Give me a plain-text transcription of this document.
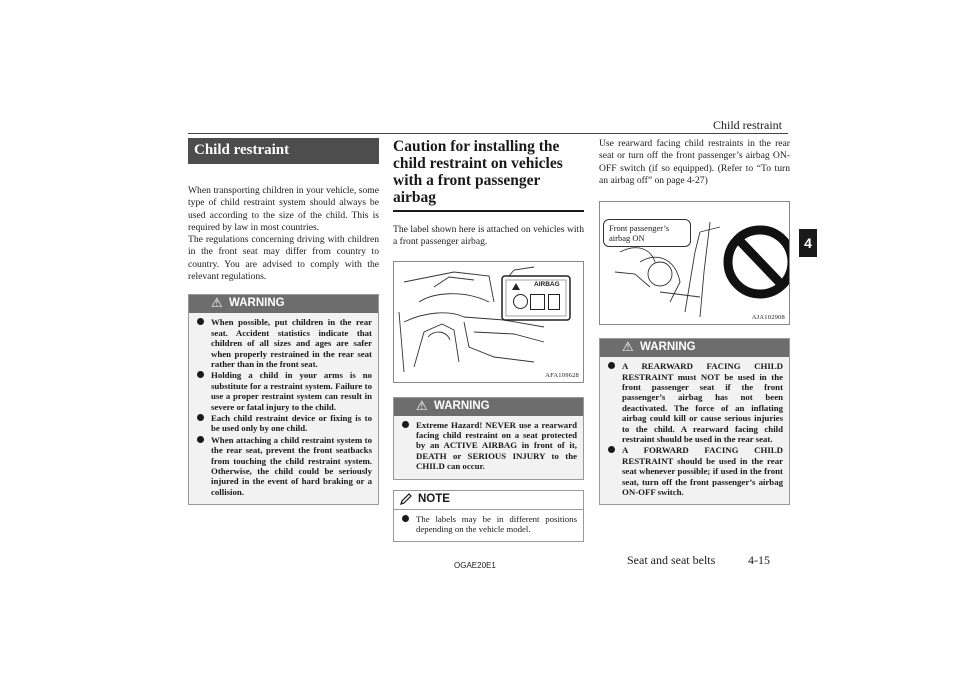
Child restraint
4
Child restraint

When transporting children in your vehicle, some type of child restraint system should always be used according to the size of the child. This is required by law in most countries.

The regulations concerning driving with children in the front seat may differ from country to country. You are advised to comply with the relevant regulations.

⚠ WARNING
When possible, put children in the rear seat. Accident statistics indicate that children of all sizes and ages are safer when properly restrained in the rear seat rather than in the front seat.
Holding a child in your arms is no substitute for a restraint system. Failure to use a proper restraint system can result in severe or fatal injury to the child.
Each child restraint device or fixing is to be used only by one child.
When attaching a child restraint system to the rear seat, prevent the front seatbacks from touching the child restraint system. Otherwise, the child could be seriously injured in the event of hard braking or a collision.
Caution for installing the child restraint on vehicles with a front passenger airbag

The label shown here is attached on vehicles with a front passenger airbag.

AIRBAG
AFA109628
⚠ WARNING
Extreme Hazard! NEVER use a rearward facing child restraint on a seat protected by an ACTIVE AIRBAG in front of it, DEATH or SERIOUS INJURY to the CHILD can occur.
NOTE
The labels may be in different positions depending on the vehicle model.

Use rearward facing child restraints in the rear seat or turn off the front passenger’s airbag ON-OFF switch (if so equipped). (Refer to “To turn an airbag off” on page 4-27)

Front passenger’s airbag ON
AJA102908
⚠ WARNING
A REARWARD FACING CHILD RESTRAINT must NOT be used in the front passenger seat if the front passenger’s airbag has not been deactivated. The force of an inflating airbag could kill or cause serious injuries to the child. A rearward facing child restraint should be used in the rear seat.
A FORWARD FACING CHILD RESTRAINT should be used in the rear seat whenever possible; if used in the front seat, turn off the front passenger’s airbag ON-OFF switch.
OGAE20E1	Seat and seat belts	4-15
